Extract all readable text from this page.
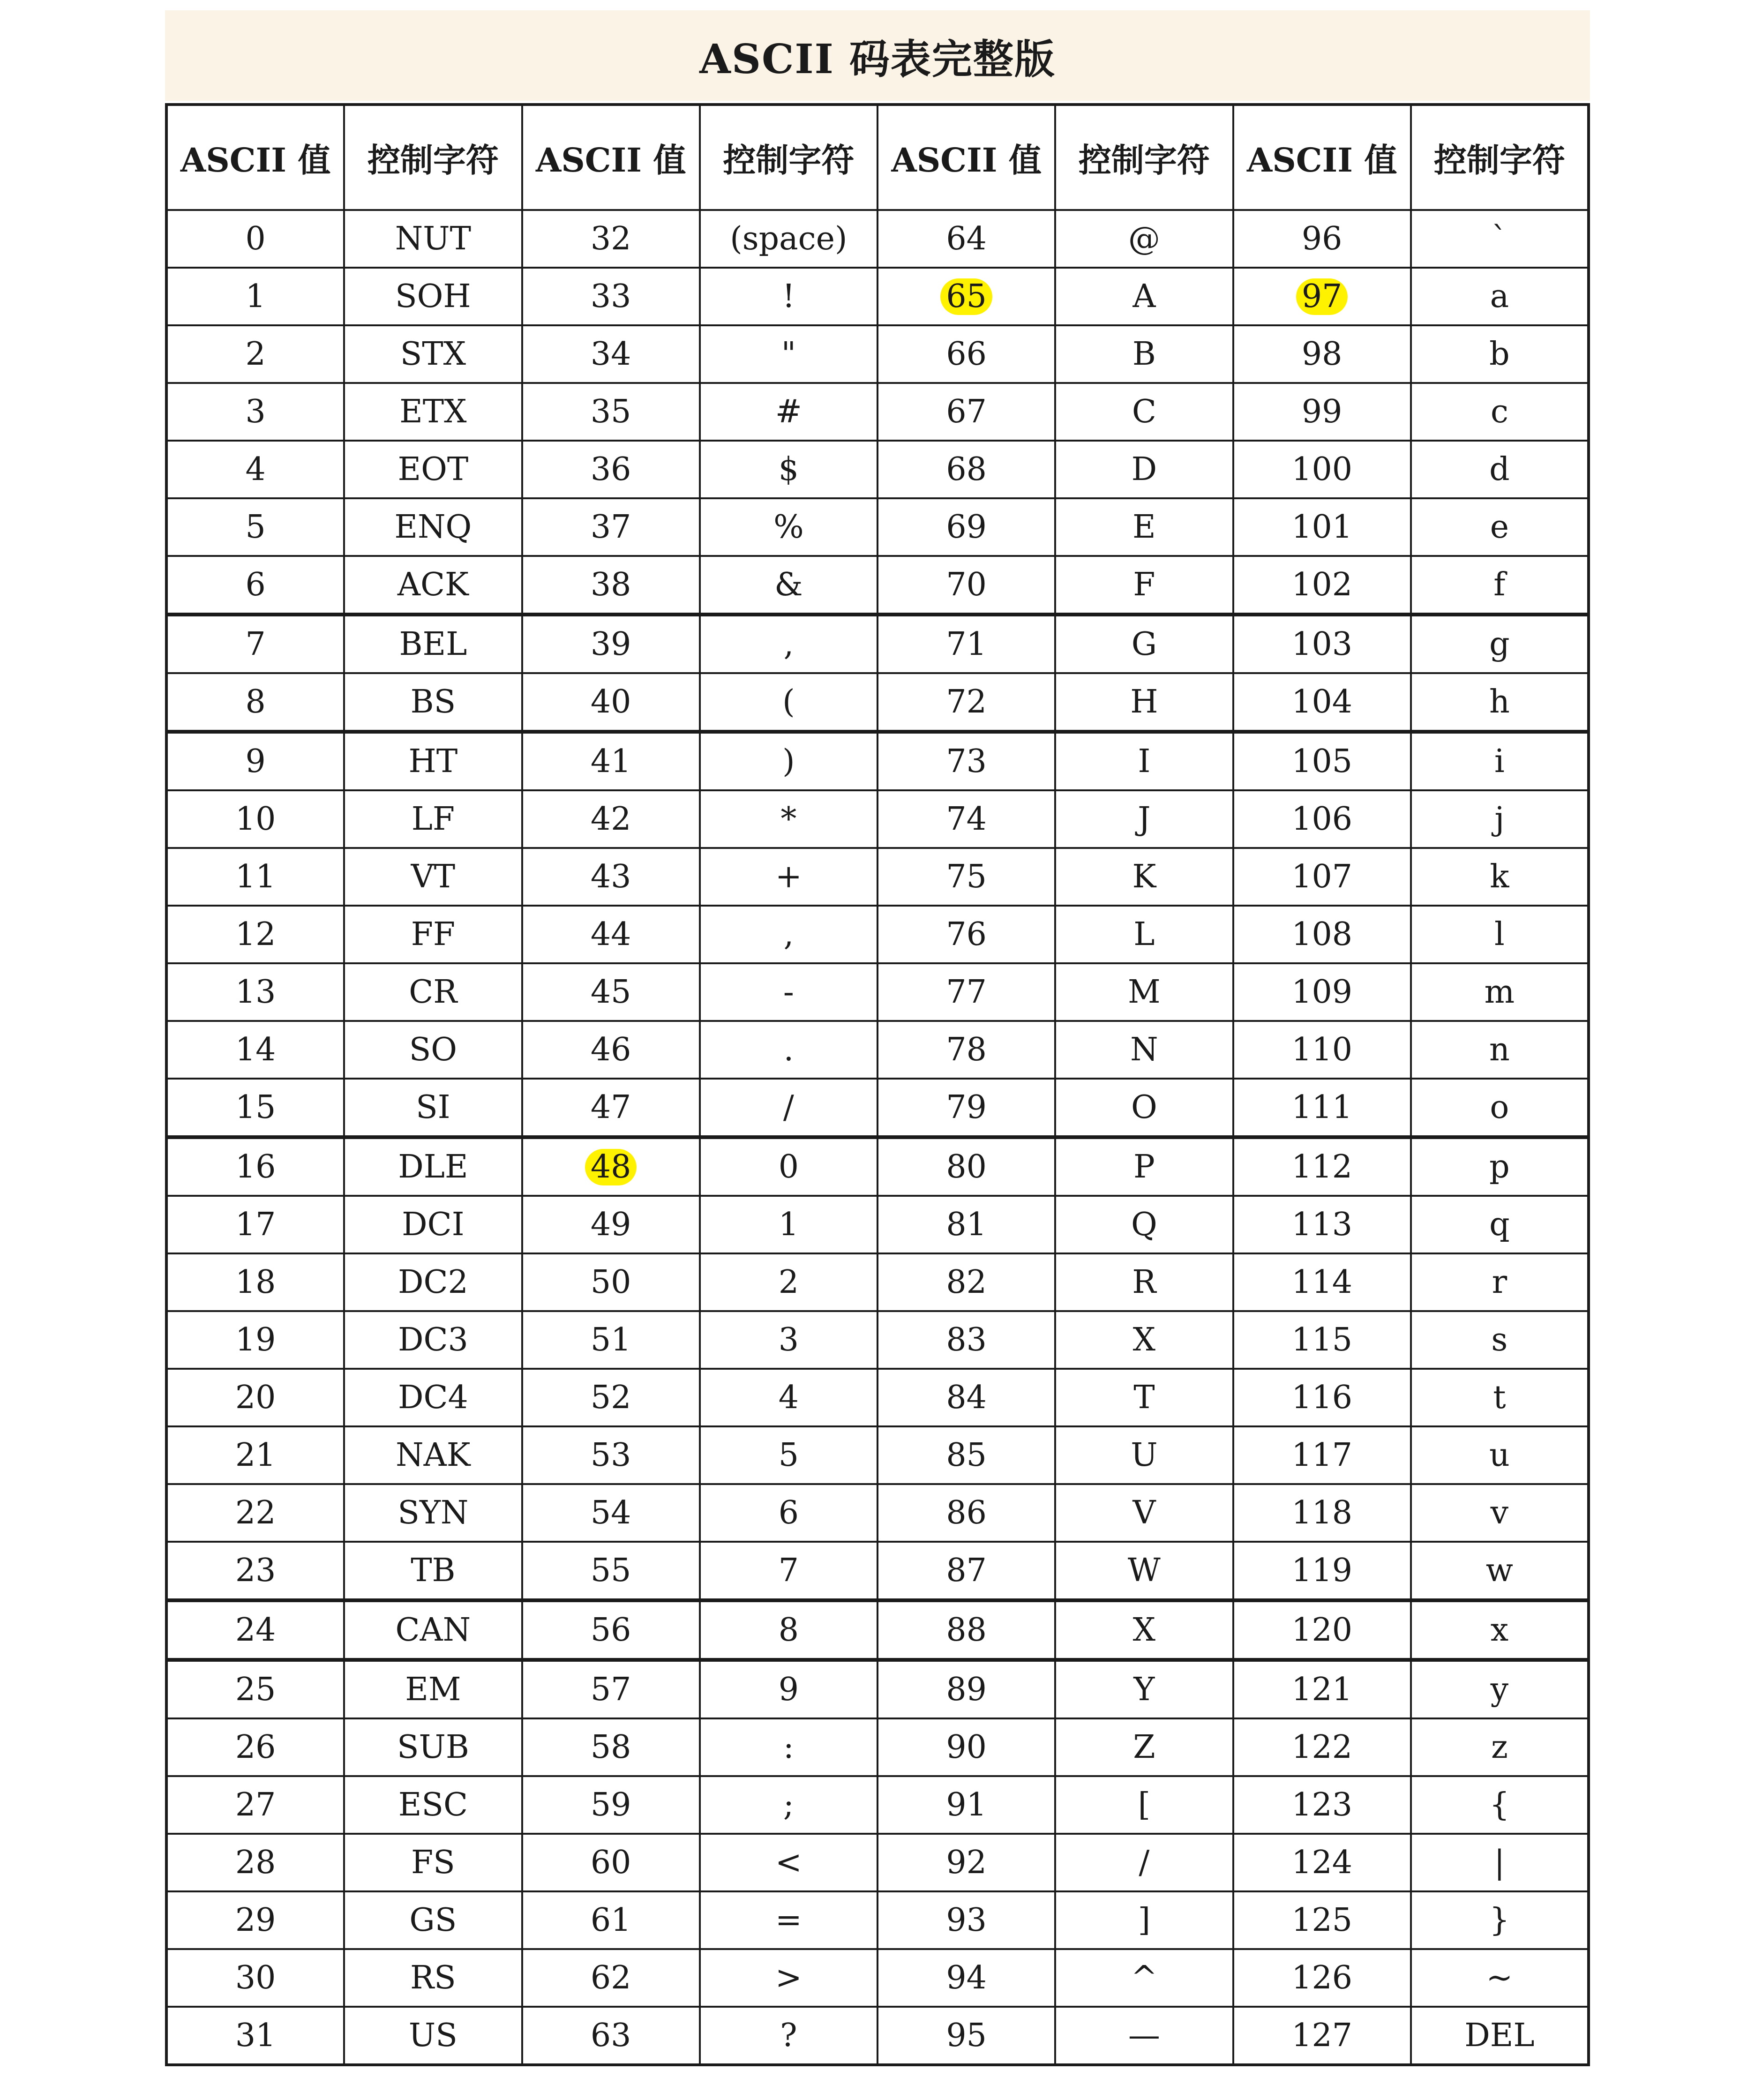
ASCII 码表完整版
ASCII 值	控制字符	ASCII 值	控制字符	ASCII 值	控制字符	ASCII 值	控制字符
0	NUT	32	(space)	64	@	96	`
1	SOH	33	!	65	A	97	a
2	STX	34	"	66	B	98	b
3	ETX	35	#	67	C	99	c
4	EOT	36	$	68	D	100	d
5	ENQ	37	%	69	E	101	e
6	ACK	38	&	70	F	102	f
7	BEL	39	,	71	G	103	g
8	BS	40	(	72	H	104	h
9	HT	41	)	73	I	105	i
10	LF	42	*	74	J	106	j
11	VT	43	+	75	K	107	k
12	FF	44	,	76	L	108	l
13	CR	45	-	77	M	109	m
14	SO	46	.	78	N	110	n
15	SI	47	/	79	O	111	o
16	DLE	48	0	80	P	112	p
17	DCI	49	1	81	Q	113	q
18	DC2	50	2	82	R	114	r
19	DC3	51	3	83	X	115	s
20	DC4	52	4	84	T	116	t
21	NAK	53	5	85	U	117	u
22	SYN	54	6	86	V	118	v
23	TB	55	7	87	W	119	w
24	CAN	56	8	88	X	120	x
25	EM	57	9	89	Y	121	y
26	SUB	58	:	90	Z	122	z
27	ESC	59	;	91	[	123	{
28	FS	60	<	92	/	124	|
29	GS	61	=	93	]	125	}
30	RS	62	>	94	^	126	~
31	US	63	?	95	—	127	DEL
